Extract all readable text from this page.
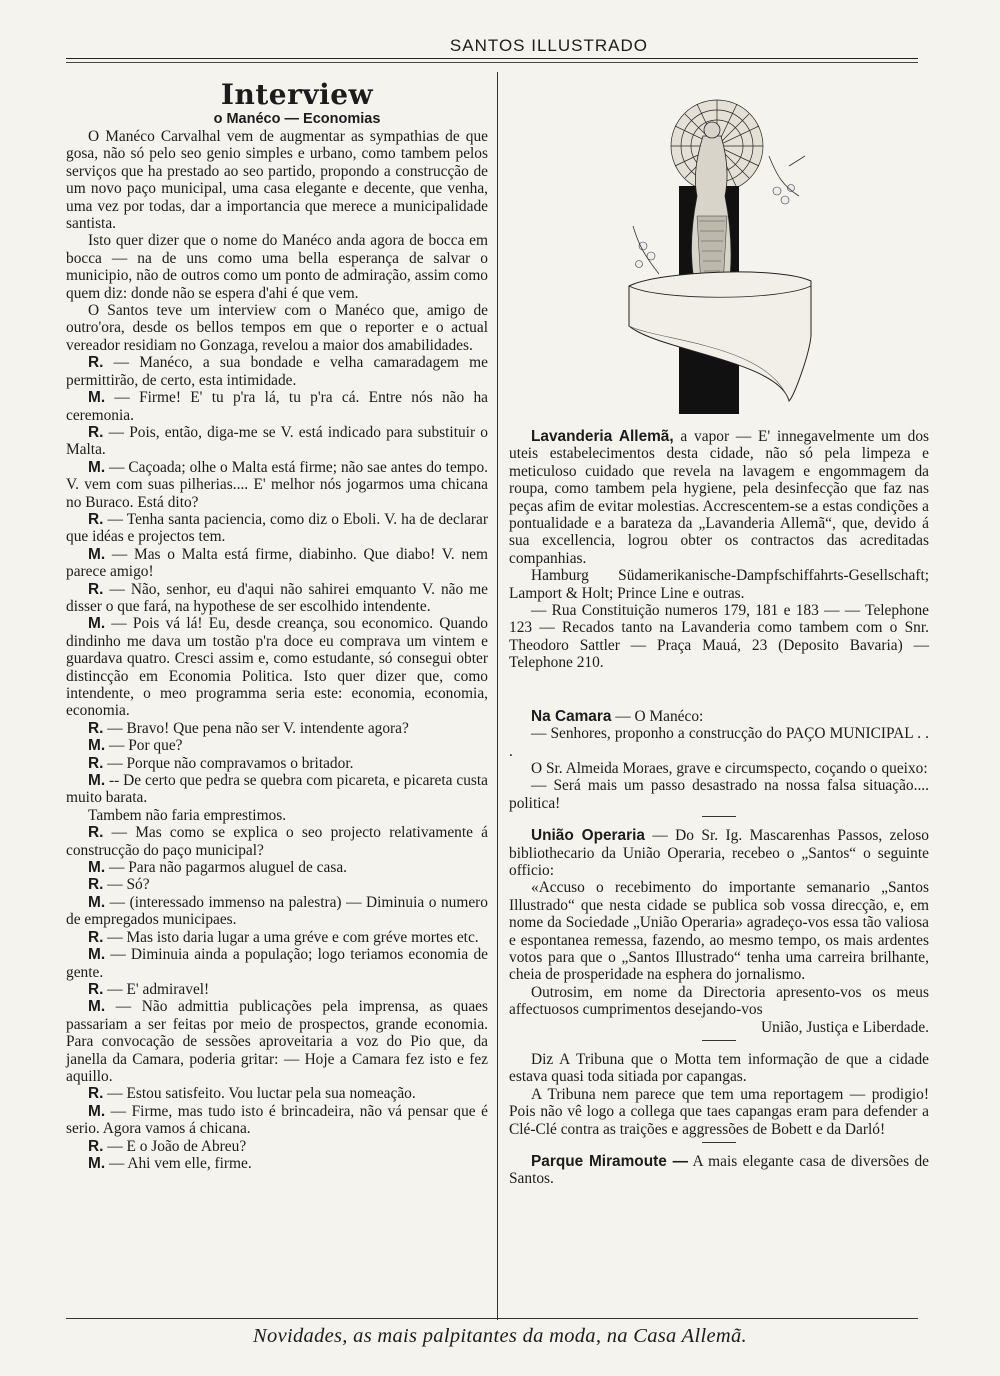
SANTOS ILLUSTRADO
Interview
o Manéco — Economias

O Manéco Carvalhal vem de augmentar as sympathias de que gosa, não só pelo seo genio simples e urbano, como tambem pelos serviços que ha prestado ao seo partido, propondo a construcção de um novo paço municipal, uma casa elegante e decente, que venha, uma vez por todas, dar a importancia que merece a municipalidade santista.

Isto quer dizer que o nome do Manéco anda agora de bocca em bocca — na de uns como uma bella esperança de salvar o municipio, não de outros como um ponto de admiração, assim como quem diz: donde não se espera d'ahi é que vem.

O Santos teve um interview com o Manéco que, amigo de outro'ora, desde os bellos tempos em que o reporter e o actual vereador residiam no Gonzaga, revelou a maior dos amabilidades.

R. — Manéco, a sua bondade e velha camaradagem me permittirão, de certo, esta intimidade.

M. — Firme! E' tu p'ra lá, tu p'ra cá. Entre nós não ha ceremonia.

R. — Pois, então, diga-me se V. está indicado para substituir o Malta.

M. — Caçoada; olhe o Malta está firme; não sae antes do tempo. V. vem com suas pilherias.... E' melhor nós jogarmos uma chicana no Buraco. Está dito?

R. — Tenha santa paciencia, como diz o Eboli. V. ha de declarar que idéas e projectos tem.

M. — Mas o Malta está firme, diabinho. Que diabo! V. nem parece amigo!

R. — Não, senhor, eu d'aqui não sahirei emquanto V. não me disser o que fará, na hypothese de ser escolhido intendente.

M. — Pois vá lá! Eu, desde creança, sou economico. Quando dindinho me dava um tostão p'ra doce eu comprava um vintem e guardava quatro. Cresci assim e, como estudante, só consegui obter distincção em Economia Politica. Isto quer dizer que, como intendente, o meo programma seria este: economia, economia, economia.

R. — Bravo! Que pena não ser V. intendente agora?

M. — Por que?

R. — Porque não compravamos o britador.

M. -- De certo que pedra se quebra com picareta, e picareta custa muito barata.

Tambem não faria emprestimos.

R. — Mas como se explica o seo projecto relativamente á construcção do paço municipal?

M. — Para não pagarmos aluguel de casa.

R. — Só?

M. — (interessado immenso na palestra) — Diminuia o numero de empregados municipaes.

R. — Mas isto daria lugar a uma gréve e com gréve mortes etc.

M. — Diminuia ainda a população; logo teriamos economia de gente.

R. — E' admiravel!

M. — Não admittia publicações pela imprensa, as quaes passariam a ser feitas por meio de prospectos, grande economia. Para convocação de sessões aproveitaria a voz do Pio que, da janella da Camara, poderia gritar: — Hoje a Camara fez isto e fez aquillo.

R. — Estou satisfeito. Vou luctar pela sua nomeação.

M. — Firme, mas tudo isto é brincadeira, não vá pensar que é serio. Agora vamos á chicana.

R. — E o João de Abreu?

M. — Ahi vem elle, firme.

Lavanderia Allemã, a vapor — E' innegavelmente um dos uteis estabelecimentos desta cidade, não só pela limpeza e meticuloso cuidado que revela na lavagem e engommagem da roupa, como tambem pela hygiene, pela desinfecção que faz nas peças afim de evitar molestias. Accrescentem-se a estas condições a pontualidade e a barateza da „Lavanderia Allemã“, que, devido á sua excellencia, logrou obter os contractos das acreditadas companhias.

Hamburg Südamerikanische-Dampfschiffahrts-Gesellschaft; Lamport & Holt; Prince Line e outras.

— Rua Constituição numeros 179, 181 e 183 — — Telephone 123 — Recados tanto na Lavanderia como tambem com o Snr. Theodoro Sattler — Praça Mauá, 23 (Deposito Bavaria) — Telephone 210.

Na Camara — O Manéco:

— Senhores, proponho a construcção do PAÇO MUNICIPAL . . .

O Sr. Almeida Moraes, grave e circumspecto, coçando o queixo:

— Será mais um passo desastrado na nossa falsa situação.... politica!

União Operaria — Do Sr. Ig. Mascarenhas Passos, zeloso bibliothecario da União Operaria, recebeo o „Santos“ o seguinte officio:

«Accuso o recebimento do importante semanario „Santos Illustrado“ que nesta cidade se publica sob vossa direcção, e, em nome da Sociedade „União Operaria» agradeço-vos essa tão valiosa e espontanea remessa, fazendo, ao mesmo tempo, os mais ardentes votos para que o „Santos Illustrado“ tenha uma carreira brilhante, cheia de prosperidade na esphera do jornalismo.

Outrosim, em nome da Directoria apresento-vos os meus affectuosos cumprimentos desejando-vos

União, Justiça e Liberdade.

Diz A Tribuna que o Motta tem informação de que a cidade estava quasi toda sitiada por capangas.

A Tribuna nem parece que tem uma reportagem — prodigio! Pois não vê logo a collega que taes capangas eram para defender a Clé-Clé contra as traições e aggressões de Bobett e da Darló!

Parque Miramoute — A mais elegante casa de diversões de Santos.

Novidades, as mais palpitantes da moda, na Casa Allemã.
